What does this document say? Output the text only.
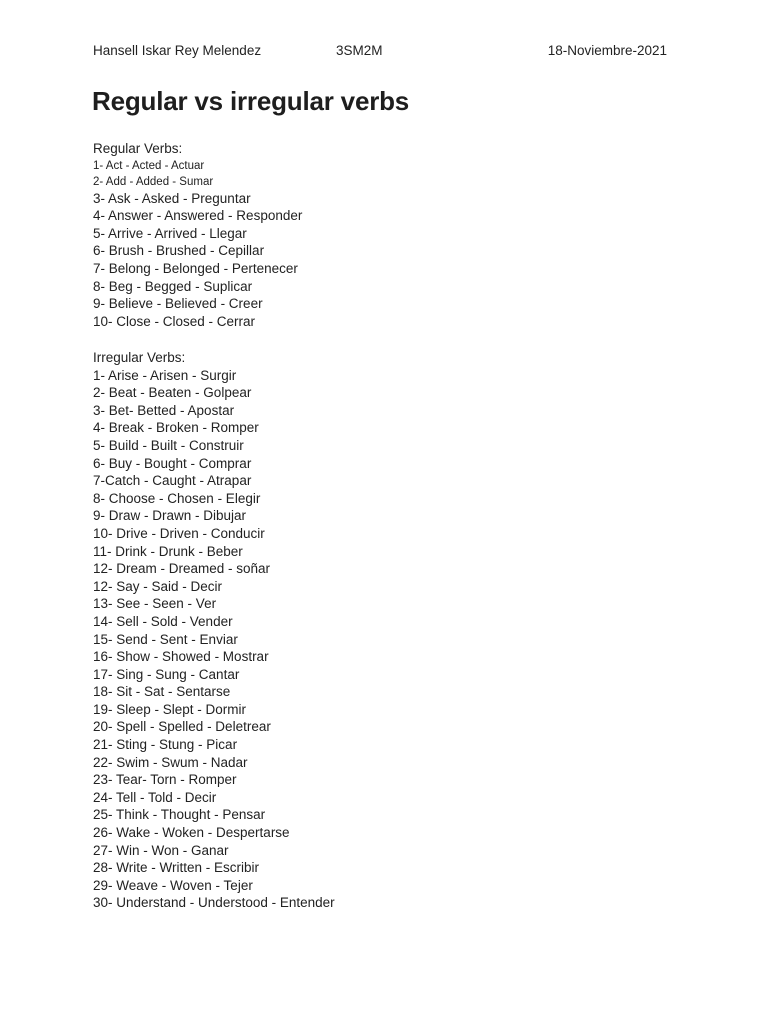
Hansell Iskar Rey Melendez	3SM2M	18-Noviembre-2021
Regular vs irregular verbs
Regular Verbs:
1- Act - Acted - Actuar
2- Add - Added - Sumar
3- Ask - Asked - Preguntar
4- Answer - Answered - Responder
5- Arrive - Arrived - Llegar
6- Brush - Brushed - Cepillar
7- Belong - Belonged - Pertenecer
8- Beg - Begged - Suplicar
9- Believe - Believed - Creer
10- Close - Closed - Cerrar
Irregular Verbs:
1- Arise - Arisen - Surgir
2- Beat - Beaten - Golpear
3- Bet- Betted - Apostar
4- Break - Broken - Romper
5- Build - Built - Construir
6- Buy - Bought - Comprar
7-Catch - Caught - Atrapar
8- Choose - Chosen - Elegir
9- Draw - Drawn - Dibujar
10- Drive - Driven - Conducir
11- Drink - Drunk - Beber
12- Dream - Dreamed - soñar
12- Say - Said - Decir
13- See - Seen - Ver
14- Sell - Sold - Vender
15- Send - Sent - Enviar
16- Show - Showed - Mostrar
17- Sing - Sung - Cantar
18- Sit - Sat - Sentarse
19- Sleep - Slept - Dormir
20- Spell - Spelled - Deletrear
21- Sting - Stung - Picar
22- Swim - Swum - Nadar
23- Tear- Torn - Romper
24- Tell - Told - Decir
25- Think - Thought - Pensar
26- Wake - Woken - Despertarse
27- Win - Won - Ganar
28- Write - Written - Escribir
29- Weave - Woven - Tejer
30- Understand - Understood - Entender
